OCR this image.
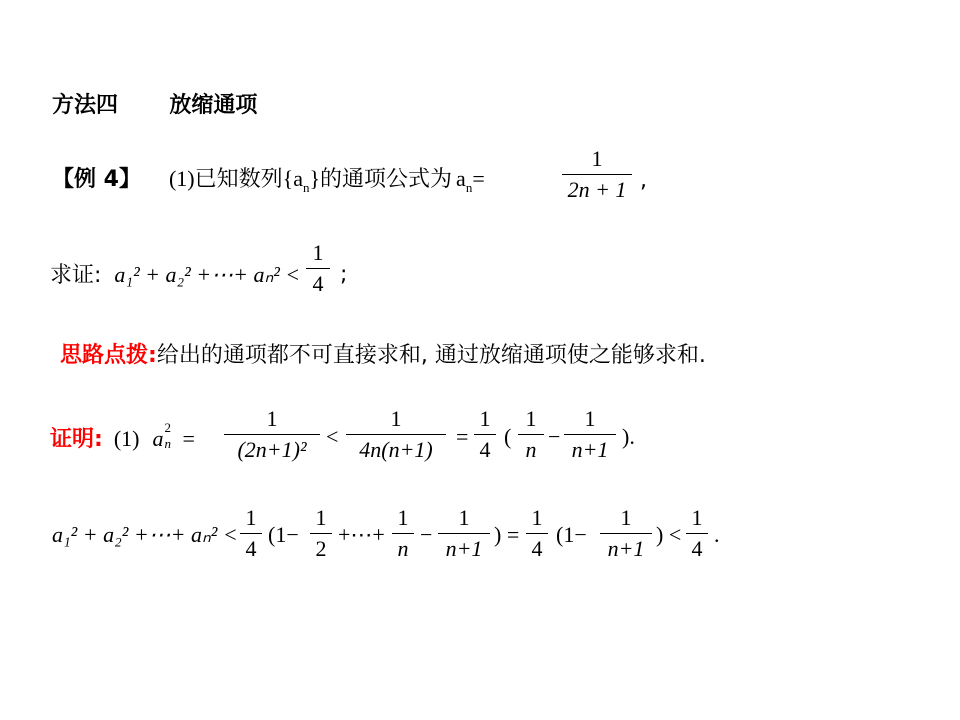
方法四 放缩通项
【例 4】 (1)已知数列$\{a_n\}$的通项公式为 $a_n=$
1
2n + 1 ,
求证: a₁² + a₂² +⋯+ aₙ² <
1
4 ;
思路点拨:给出的通项都不可直接求和, 通过放缩通项使之能够求和.
证明: (1) a 2
n =
1
(2n+1)²
<
1
4n(n+1)
=
1
4
(
1
n
−
1
n+1
).
a₁² + a₂² +⋯+ aₙ² <
1
4
(1−
1
2
+⋯+
1
n
−
1
n+1
) =
1
4
(1−
1
n+1
) <
1
4
.
